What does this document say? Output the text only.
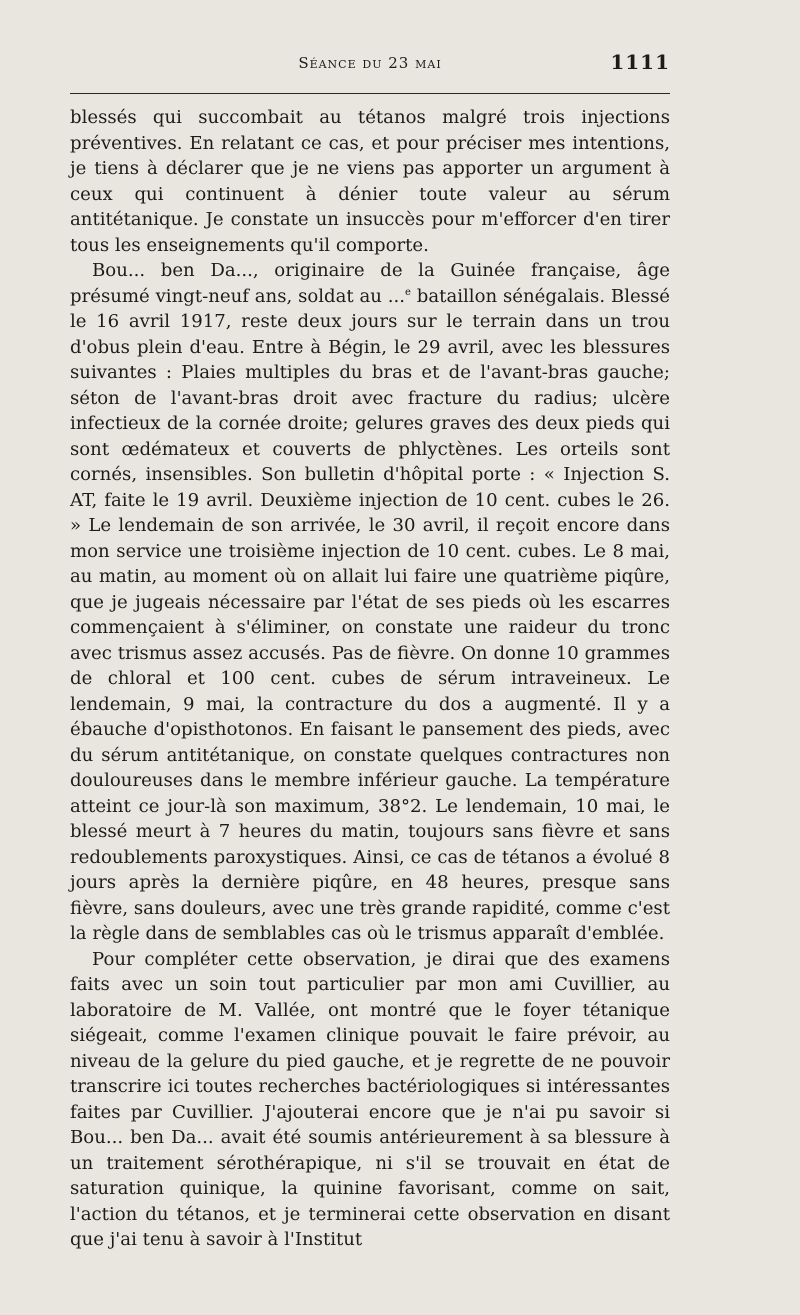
Séance du 23 mai	1111

blessés qui succombait au tétanos malgré trois injections préventives. En relatant ce cas, et pour préciser mes intentions, je tiens à déclarer que je ne viens pas apporter un argument à ceux qui continuent à dénier toute valeur au sérum antitétanique. Je constate un insuccès pour m'efforcer d'en tirer tous les enseignements qu'il comporte.

Bou... ben Da..., originaire de la Guinée française, âge présumé vingt-neuf ans, soldat au ...$^e$ bataillon sénégalais. Blessé le 16 avril 1917, reste deux jours sur le terrain dans un trou d'obus plein d'eau. Entre à Bégin, le 29 avril, avec les blessures suivantes : Plaies multiples du bras et de l'avant-bras gauche; séton de l'avant-bras droit avec fracture du radius; ulcère infectieux de la cornée droite; gelures graves des deux pieds qui sont œdémateux et couverts de phlyctènes. Les orteils sont cornés, insensibles. Son bulletin d'hôpital porte : « Injection S. AT, faite le 19 avril. Deuxième injection de 10 cent. cubes le 26. » Le lendemain de son arrivée, le 30 avril, il reçoit encore dans mon service une troisième injection de 10 cent. cubes. Le 8 mai, au matin, au moment où on allait lui faire une quatrième piqûre, que je jugeais nécessaire par l'état de ses pieds où les escarres commençaient à s'éliminer, on constate une raideur du tronc avec trismus assez accusés. Pas de fièvre. On donne 10 grammes de chloral et 100 cent. cubes de sérum intraveineux. Le lendemain, 9 mai, la contracture du dos a augmenté. Il y a ébauche d'opisthotonos. En faisant le pansement des pieds, avec du sérum antitétanique, on constate quelques contractures non douloureuses dans le membre inférieur gauche. La température atteint ce jour-là son maximum, 38°2. Le lendemain, 10 mai, le blessé meurt à 7 heures du matin, toujours sans fièvre et sans redoublements paroxystiques. Ainsi, ce cas de tétanos a évolué 8 jours après la dernière piqûre, en 48 heures, presque sans fièvre, sans douleurs, avec une très grande rapidité, comme c'est la règle dans de semblables cas où le trismus apparaît d'emblée.

Pour compléter cette observation, je dirai que des examens faits avec un soin tout particulier par mon ami Cuvillier, au laboratoire de M. Vallée, ont montré que le foyer tétanique siégeait, comme l'examen clinique pouvait le faire prévoir, au niveau de la gelure du pied gauche, et je regrette de ne pouvoir transcrire ici toutes recherches bactériologiques si intéressantes faites par Cuvillier. J'ajouterai encore que je n'ai pu savoir si Bou... ben Da... avait été soumis antérieurement à sa blessure à un traitement sérothérapique, ni s'il se trouvait en état de saturation quinique, la quinine favorisant, comme on sait, l'action du tétanos, et je terminerai cette observation en disant que j'ai tenu à savoir à l'Institut
